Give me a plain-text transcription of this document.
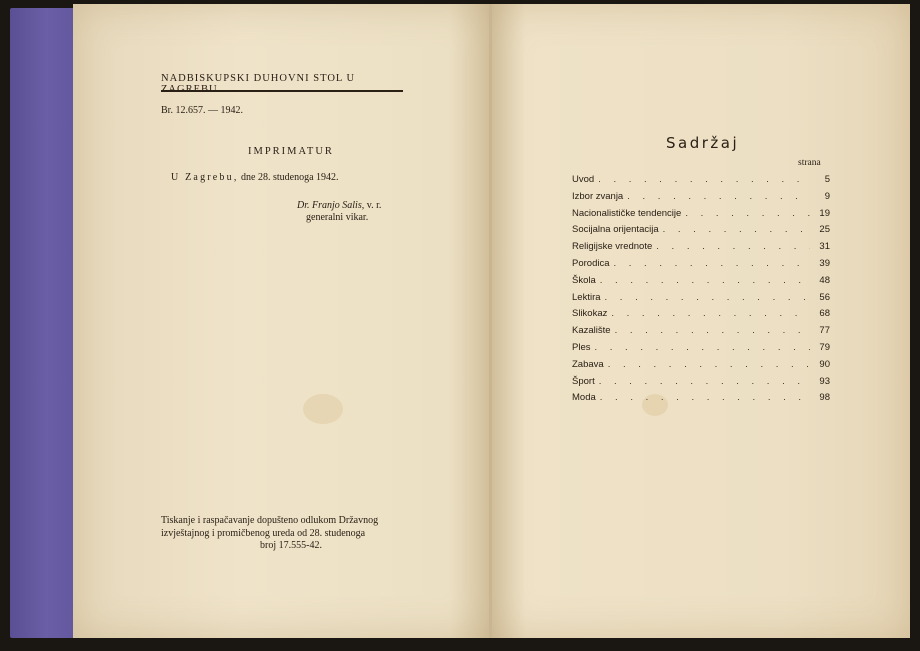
NADBISKUPSKI DUHOVNI STOL U
Br. 12.657. — 1942.
IMPRIMATUR
U Zagrebu, dne 28. studenoga 1942.
Dr. Franjo Salis, v. r.
generalni vikar.
Tiskanje i raspačavanje dopušteno odlukom Državnog
izvještajnog i promičbenog ureda od 28. studenoga
broj 17.555-42.
Sadržaj
strana
Uvod . . .	5
Izbor zvanja . . .	9
Nacionalističke tendencije . . .	19
Socijalna orijentacija . . .	25
Religijske vrednote . . .	31
Porodica . . .	39
Škola . . .	48
Lektira . . .	56
Slikokaz . . .	68
Kazalište . . .	77
Ples . . .	79
Zabava . . .	90
Šport . . .	93
Moda . . .	98
